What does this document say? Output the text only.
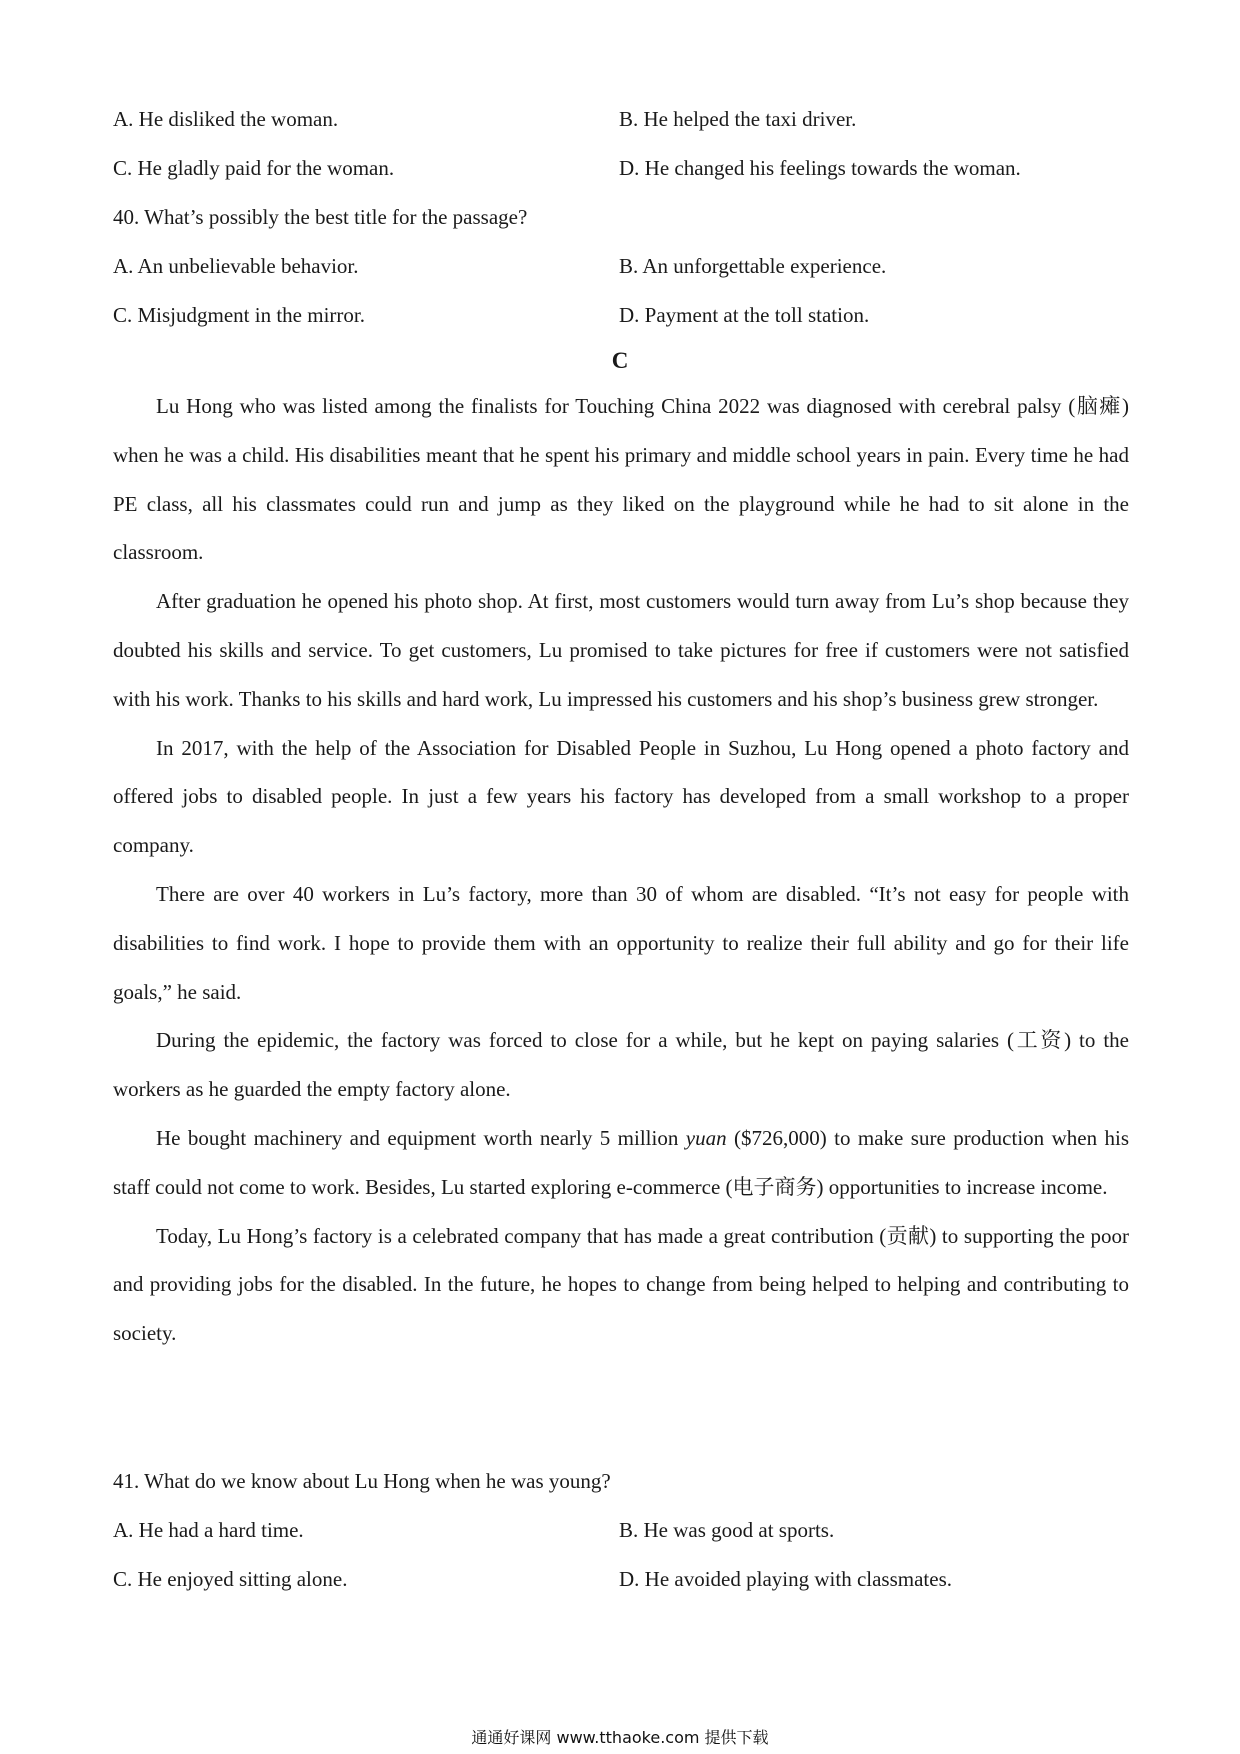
A. He disliked the woman.	B. He helped the taxi driver.
C. He gladly paid for the woman.	D. He changed his feelings towards the woman.
40. What’s possibly the best title for the passage?
A. An unbelievable behavior.	B. An unforgettable experience.
C. Misjudgment in the mirror.	D. Payment at the toll station.
C

Lu Hong who was listed among the finalists for Touching China 2022 was diagnosed with cerebral palsy (脑瘫) when he was a child. His disabilities meant that he spent his primary and middle school years in pain. Every time he had PE class, all his classmates could run and jump as they liked on the playground while he had to sit alone in the classroom.

After graduation he opened his photo shop. At first, most customers would turn away from Lu’s shop because they doubted his skills and service. To get customers, Lu promised to take pictures for free if customers were not satisfied with his work. Thanks to his skills and hard work, Lu impressed his customers and his shop’s business grew stronger.

In 2017, with the help of the Association for Disabled People in Suzhou, Lu Hong opened a photo factory and offered jobs to disabled people. In just a few years his factory has developed from a small workshop to a proper company.

There are over 40 workers in Lu’s factory, more than 30 of whom are disabled. “It’s not easy for people with disabilities to find work. I hope to provide them with an opportunity to realize their full ability and go for their life goals,” he said.

During the epidemic, the factory was forced to close for a while, but he kept on paying salaries (工资) to the workers as he guarded the empty factory alone.

He bought machinery and equipment worth nearly 5 million yuan ($726,000) to make sure production when his staff could not come to work. Besides, Lu started exploring e-commerce (电子商务) opportunities to increase income.

Today, Lu Hong’s factory is a celebrated company that has made a great contribution (贡献) to supporting the poor and providing jobs for the disabled. In the future, he hopes to change from being helped to helping and contributing to society.

41. What do we know about Lu Hong when he was young?
A. He had a hard time.	B. He was good at sports.
C. He enjoyed sitting alone.	D. He avoided playing with classmates.
通通好课网 www.tthaoke.com 提供下载
